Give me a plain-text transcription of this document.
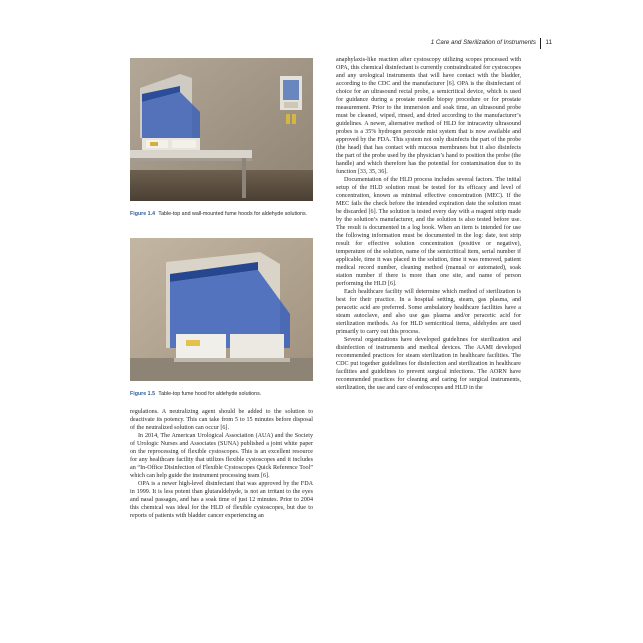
1 Care and Sterilization of Instruments 11
Figure 1.4 Table-top and wall-mounted fume hoods for aldehyde solutions.
Figure 1.5 Table-top fume hood for aldehyde solutions.

regulations. A neutralizing agent should be added to the solution to deactivate its potency. This can take from 5 to 15 minutes before disposal of the neutralized solution can occur [6].

In 2014, The American Urological Association (AUA) and the Society of Urologic Nurses and Associates (SUNA) published a joint white paper on the reprocessing of flexible cystoscopes. This is an excellent resource for any healthcare facility that utilizes flexible cystoscopes and it includes an “In-Office Disinfection of Flexible Cystoscopes Quick Reference Tool” which can help guide the instrument processing team [6].

OPA is a newer high-level disinfectant that was approved by the FDA in 1999. It is less potent than glutaraldehyde, is not an irritant to the eyes and nasal passages, and has a soak time of just 12 minutes. Prior to 2004 this chemical was ideal for the HLD of flexible cystoscopes, but due to reports of patients with bladder cancer experiencing an

anaphylaxis-like reaction after cystoscopy utilizing scopes processed with OPA, this chemical disinfectant is currently contraindicated for cystoscopes and any urological instruments that will have contact with the bladder, according to the CDC and the manufacturer [6]. OPA is the disinfectant of choice for an ultrasound rectal probe, a semicritical device, which is used for guidance during a prostate needle biopsy procedure or for prostate measurement. Prior to the immersion and soak time, an ultrasound probe must be cleaned, wiped, rinsed, and dried according to the manufacturer’s guidelines. A newer, alternative method of HLD for intracavity ultrasound probes is a 35% hydrogen peroxide mist system that is now available and approved by the FDA. This system not only disinfects the part of the probe (the head) that has contact with mucous membranes but it also disinfects the part of the probe used by the physician’s hand to position the probe (the handle) and which therefore has the potential for contamination due to its function [33, 35, 36].

Documentation of the HLD process includes several factors. The initial setup of the HLD solution must be tested for its efficacy and level of concentration, known as minimal effective concentration (MEC). If the MEC fails the check before the intended expiration date the solution must be discarded [6]. The solution is tested every day with a reagent strip made by the solution’s manufacturer, and the solution is also tested before use. The result is documented in a log book. When an item is intended for use the following information must be documented in the log: date, test strip result for effective solution concentration (positive or negative), temperature of the solution, name of the semicritical item, serial number if applicable, time it was placed in the solution, time it was removed, patient medical record number, cleaning method (manual or automated), soak station number if there is more than one site, and name of person performing the HLD [6].

Each healthcare facility will determine which method of sterilization is best for their practice. In a hospital setting, steam, gas plasma, and peracetic acid are preferred. Some ambulatory healthcare facilities have a steam autoclave, and also use gas plasma and/or peracetic acid for sterilization methods. As for HLD semicritical items, aldehydes are used primarily to carry out this process.

Several organizations have developed guidelines for sterilization and disinfection of instruments and medical devices. The AAMI developed recommended practices for steam sterilization in healthcare facilities. The CDC put together guidelines for disinfection and sterilization in healthcare facilities and guidelines to prevent surgical infections. The AORN have recommended practices for cleaning and caring for surgical instruments, sterilization, the use and care of endoscopes and HLD in the
